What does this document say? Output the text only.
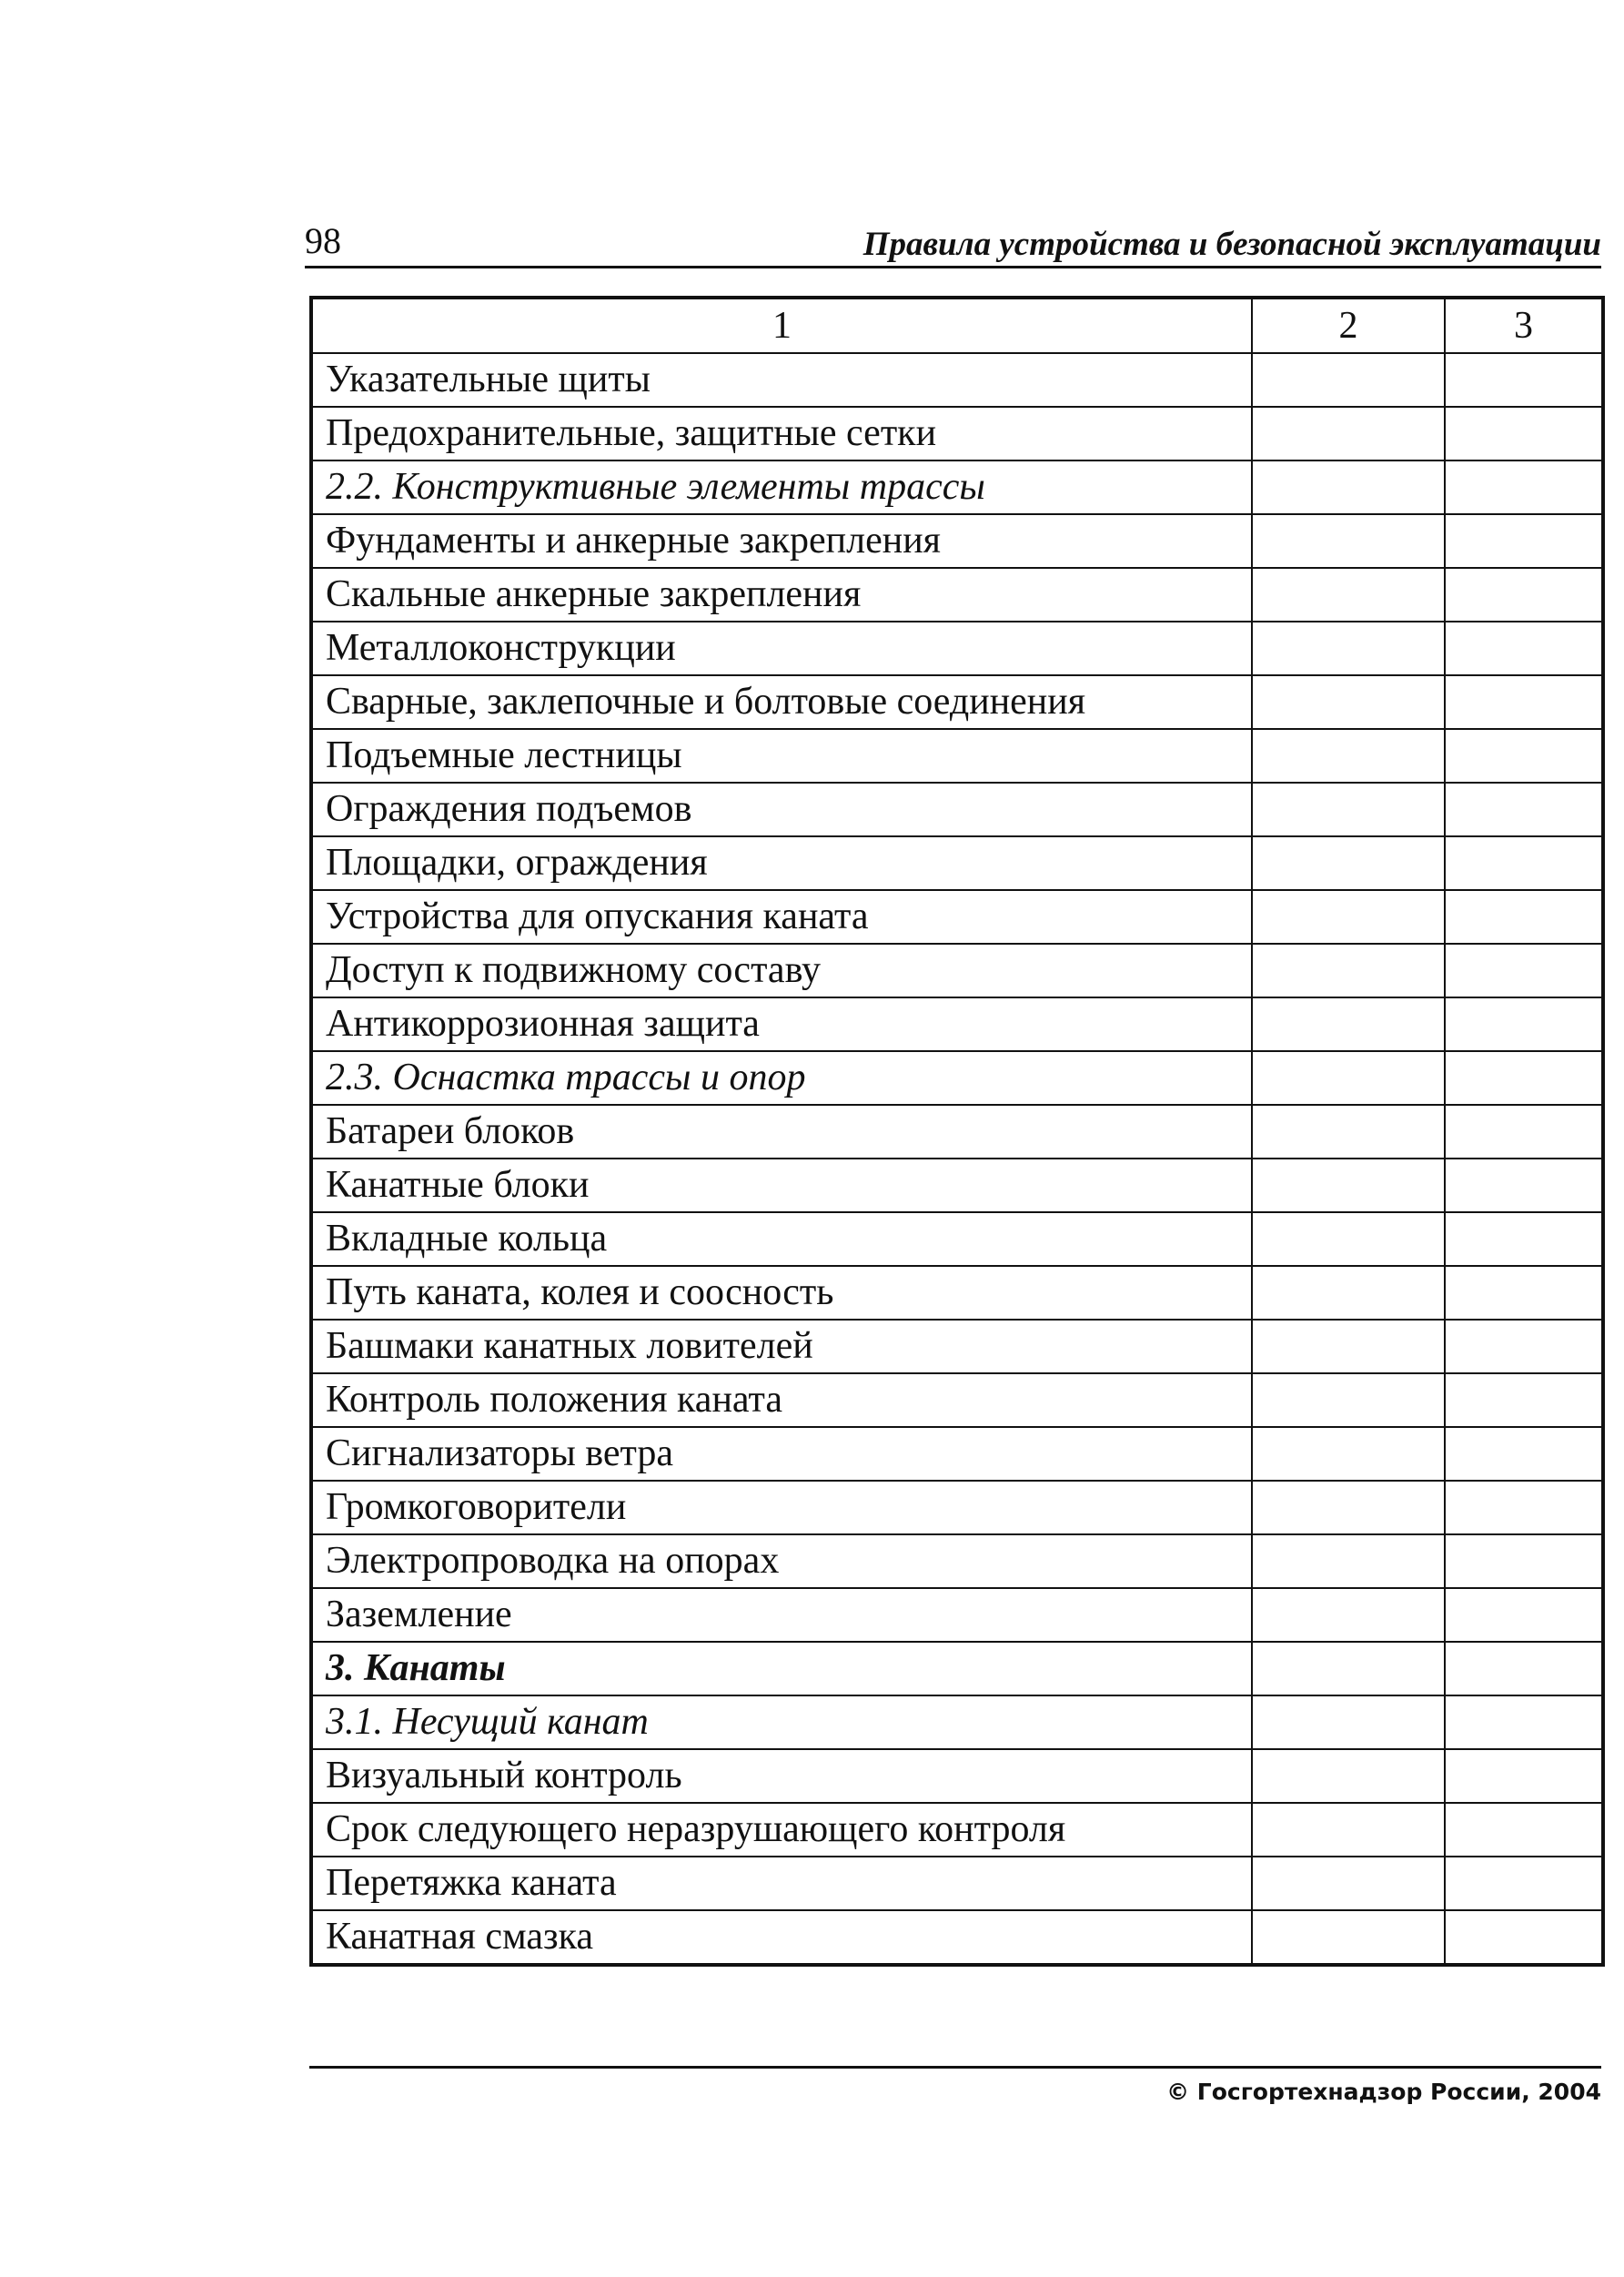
98	Правила устройства и безопасной эксплуатации
1	2	3
Указательные щиты		
Предохранительные, защитные сетки		
2.2. Конструктивные элементы трассы		
Фундаменты и анкерные закрепления		
Скальные анкерные закрепления		
Металлоконструкции		
Сварные, заклепочные и болтовые соединения		
Подъемные лестницы		
Ограждения подъемов		
Площадки, ограждения		
Устройства для опускания каната		
Доступ к подвижному составу		
Антикоррозионная защита		
2.3. Оснастка трассы и опор		
Батареи блоков		
Канатные блоки		
Вкладные кольца		
Путь каната, колея и соосность		
Башмаки канатных ловителей		
Контроль положения каната		
Сигнализаторы ветра		
Громкоговорители		
Электропроводка на опорах		
Заземление		
3. Канаты		
3.1. Несущий канат		
Визуальный контроль		
Срок следующего неразрушающего контроля		
Перетяжка каната		
Канатная смазка		
© Госгортехнадзор России, 2004
